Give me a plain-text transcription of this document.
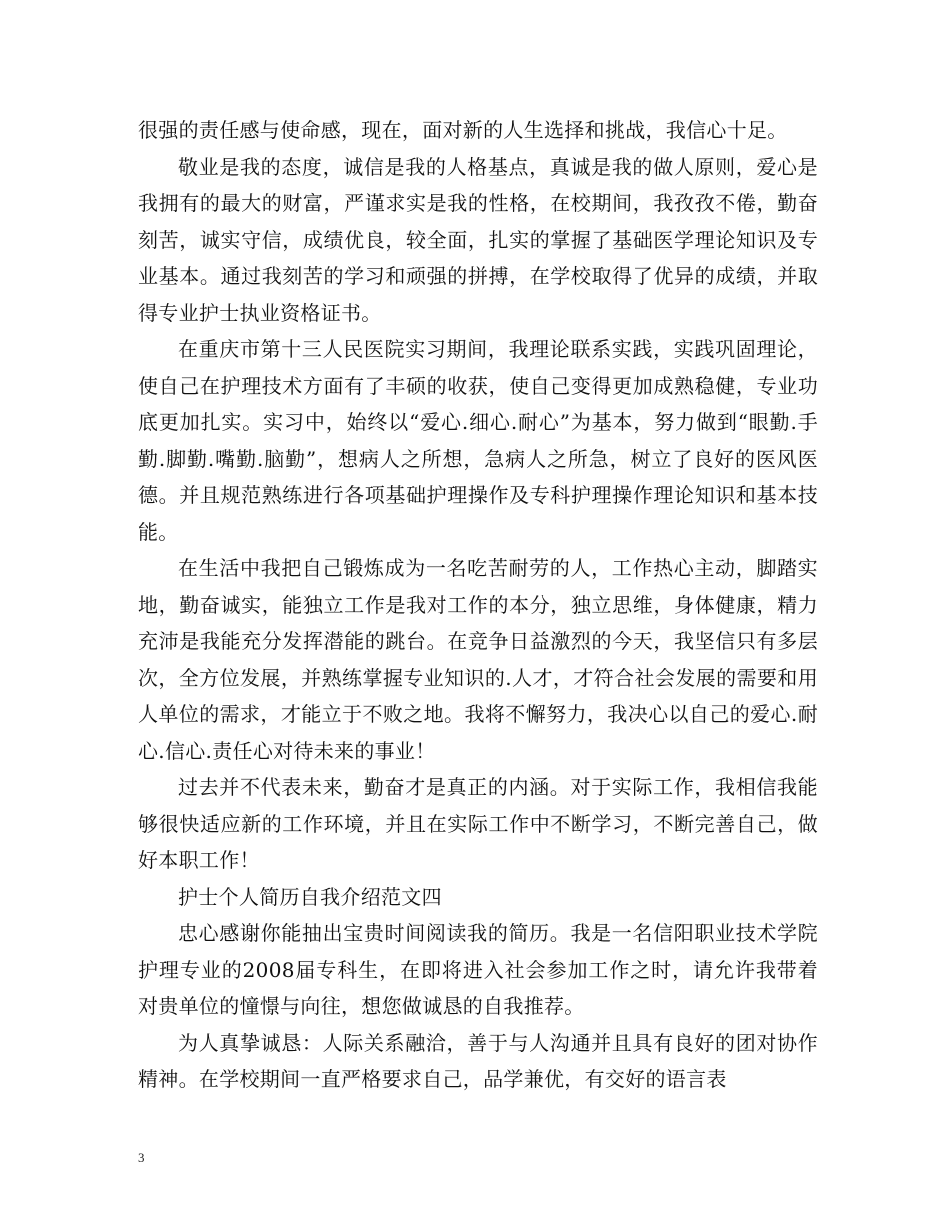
很强的责任感与使命感，现在，面对新的人生选择和挑战，我信心十足。

敬业是我的态度，诚信是我的人格基点，真诚是我的做人原则，爱心是我拥有的最大的财富，严谨求实是我的性格，在校期间，我孜孜不倦，勤奋刻苦，诚实守信，成绩优良，较全面，扎实的掌握了基础医学理论知识及专业基本。通过我刻苦的学习和顽强的拼搏，在学校取得了优异的成绩，并取得专业护士执业资格证书。

在重庆市第十三人民医院实习期间，我理论联系实践，实践巩固理论，使自己在护理技术方面有了丰硕的收获，使自己变得更加成熟稳健，专业功底更加扎实。实习中，始终以“爱心.细心.耐心”为基本，努力做到“眼勤.手勤.脚勤.嘴勤.脑勤”，想病人之所想，急病人之所急，树立了良好的医风医德。并且规范熟练进行各项基础护理操作及专科护理操作理论知识和基本技能。

在生活中我把自己锻炼成为一名吃苦耐劳的人，工作热心主动，脚踏实地，勤奋诚实，能独立工作是我对工作的本分，独立思维，身体健康，精力充沛是我能充分发挥潜能的跳台。在竞争日益激烈的今天，我坚信只有多层次，全方位发展，并熟练掌握专业知识的.人才，才符合社会发展的需要和用人单位的需求，才能立于不败之地。我将不懈努力，我决心以自己的爱心.耐心.信心.责任心对待未来的事业！

过去并不代表未来，勤奋才是真正的内涵。对于实际工作，我相信我能够很快适应新的工作环境，并且在实际工作中不断学习，不断完善自己，做好本职工作！

护士个人简历自我介绍范文四

忠心感谢你能抽出宝贵时间阅读我的简历。我是一名信阳职业技术学院护理专业的2008届专科生，在即将进入社会参加工作之时，请允许我带着对贵单位的憧憬与向往，想您做诚恳的自我推荐。

为人真挚诚恳：人际关系融洽，善于与人沟通并且具有良好的团对协作精神。在学校期间一直严格要求自己，品学兼优，有交好的语言表

3
